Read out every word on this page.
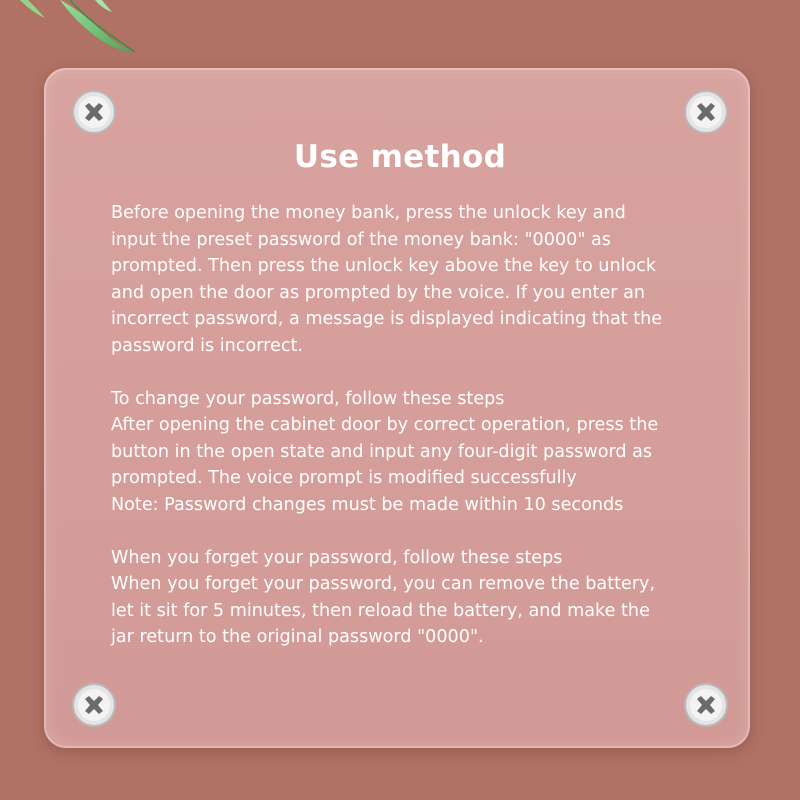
Use method

Before opening the money bank, press the unlock key and
input the preset password of the money bank: "0000" as
prompted. Then press the unlock key above the key to unlock
and open the door as prompted by the voice. If you enter an
incorrect password, a message is displayed indicating that the
password is incorrect.

To change your password, follow these steps

After opening the cabinet door by correct operation, press the
button in the open state and input any four-digit password as
prompted. The voice prompt is modified successfully

Note: Password changes must be made within 10 seconds

When you forget your password, follow these steps

When you forget your password, you can remove the battery,
let it sit for 5 minutes, then reload the battery, and make the
jar return to the original password "0000".
